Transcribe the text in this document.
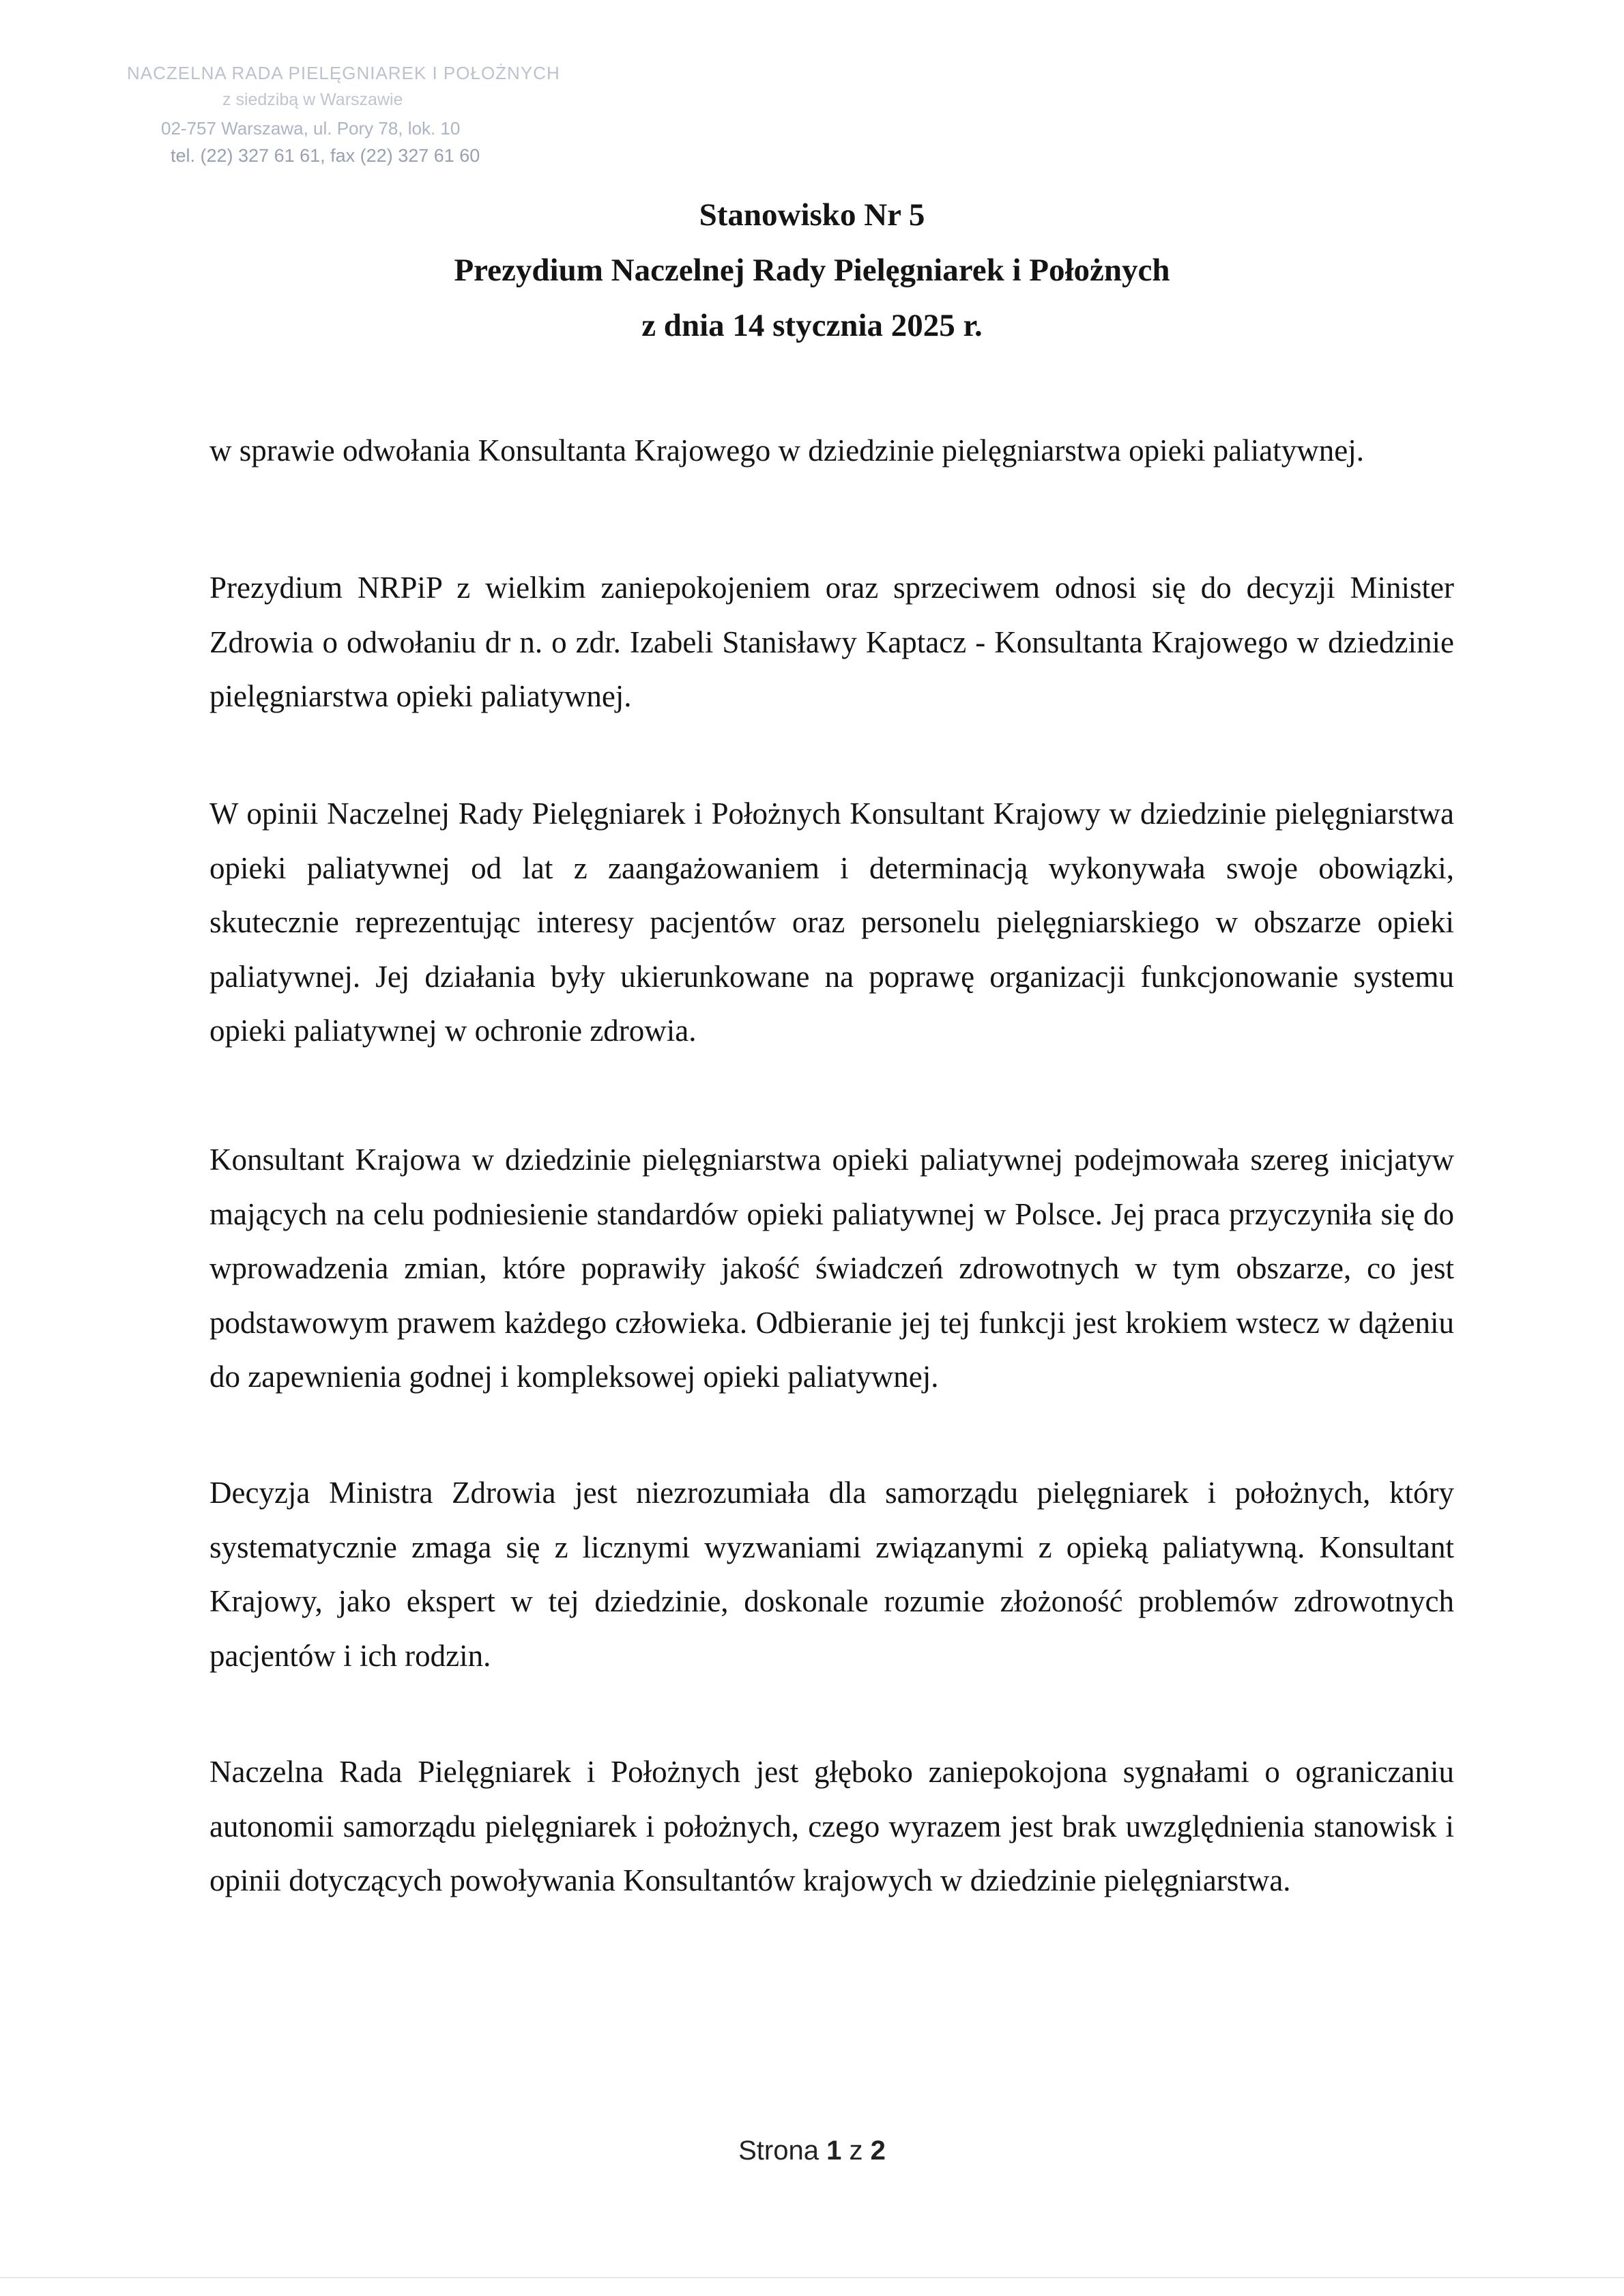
NACZELNA RADA PIELĘGNIAREK I POŁOŻNYCH
z siedzibą w Warszawie
02-757 Warszawa, ul. Pory 78, lok. 10
tel. (22) 327 61 61, fax (22) 327 61 60
Stanowisko Nr 5
Prezydium Naczelnej Rady Pielęgniarek i Położnych
z dnia 14 stycznia 2025 r.
w sprawie odwołania Konsultanta Krajowego w dziedzinie pielęgniarstwa opieki paliatywnej.

Prezydium NRPiP z wielkim zaniepokojeniem oraz sprzeciwem odnosi się do decyzji Minister Zdrowia o odwołaniu dr n. o zdr. Izabeli Stanisławy Kaptacz - Konsultanta Krajowego w dziedzinie pielęgniarstwa opieki paliatywnej.

W opinii Naczelnej Rady Pielęgniarek i Położnych Konsultant Krajowy w dziedzinie pielęgniarstwa opieki paliatywnej od lat z zaangażowaniem i determinacją wykonywała swoje obowiązki, skutecznie reprezentując interesy pacjentów oraz personelu pielęgniarskiego w obszarze opieki paliatywnej. Jej działania były ukierunkowane na poprawę organizacji funkcjonowanie systemu opieki paliatywnej w ochronie zdrowia.

Konsultant Krajowa w dziedzinie pielęgniarstwa opieki paliatywnej podejmowała szereg inicjatyw mających na celu podniesienie standardów opieki paliatywnej w Polsce. Jej praca przyczyniła się do wprowadzenia zmian, które poprawiły jakość świadczeń zdrowotnych w tym obszarze, co jest podstawowym prawem każdego człowieka. Odbieranie jej tej funkcji jest krokiem wstecz w dążeniu do zapewnienia godnej i kompleksowej opieki paliatywnej.

Decyzja Ministra Zdrowia jest niezrozumiała dla samorządu pielęgniarek i położnych, który systematycznie zmaga się z licznymi wyzwaniami związanymi z opieką paliatywną. Konsultant Krajowy, jako ekspert w tej dziedzinie, doskonale rozumie złożoność problemów zdrowotnych pacjentów i ich rodzin.

Naczelna Rada Pielęgniarek i Położnych jest głęboko zaniepokojona sygnałami o ograniczaniu autonomii samorządu pielęgniarek i położnych, czego wyrazem jest brak uwzględnienia stanowisk i opinii dotyczących powoływania Konsultantów krajowych w dziedzinie pielęgniarstwa.

Strona 1 z 2
